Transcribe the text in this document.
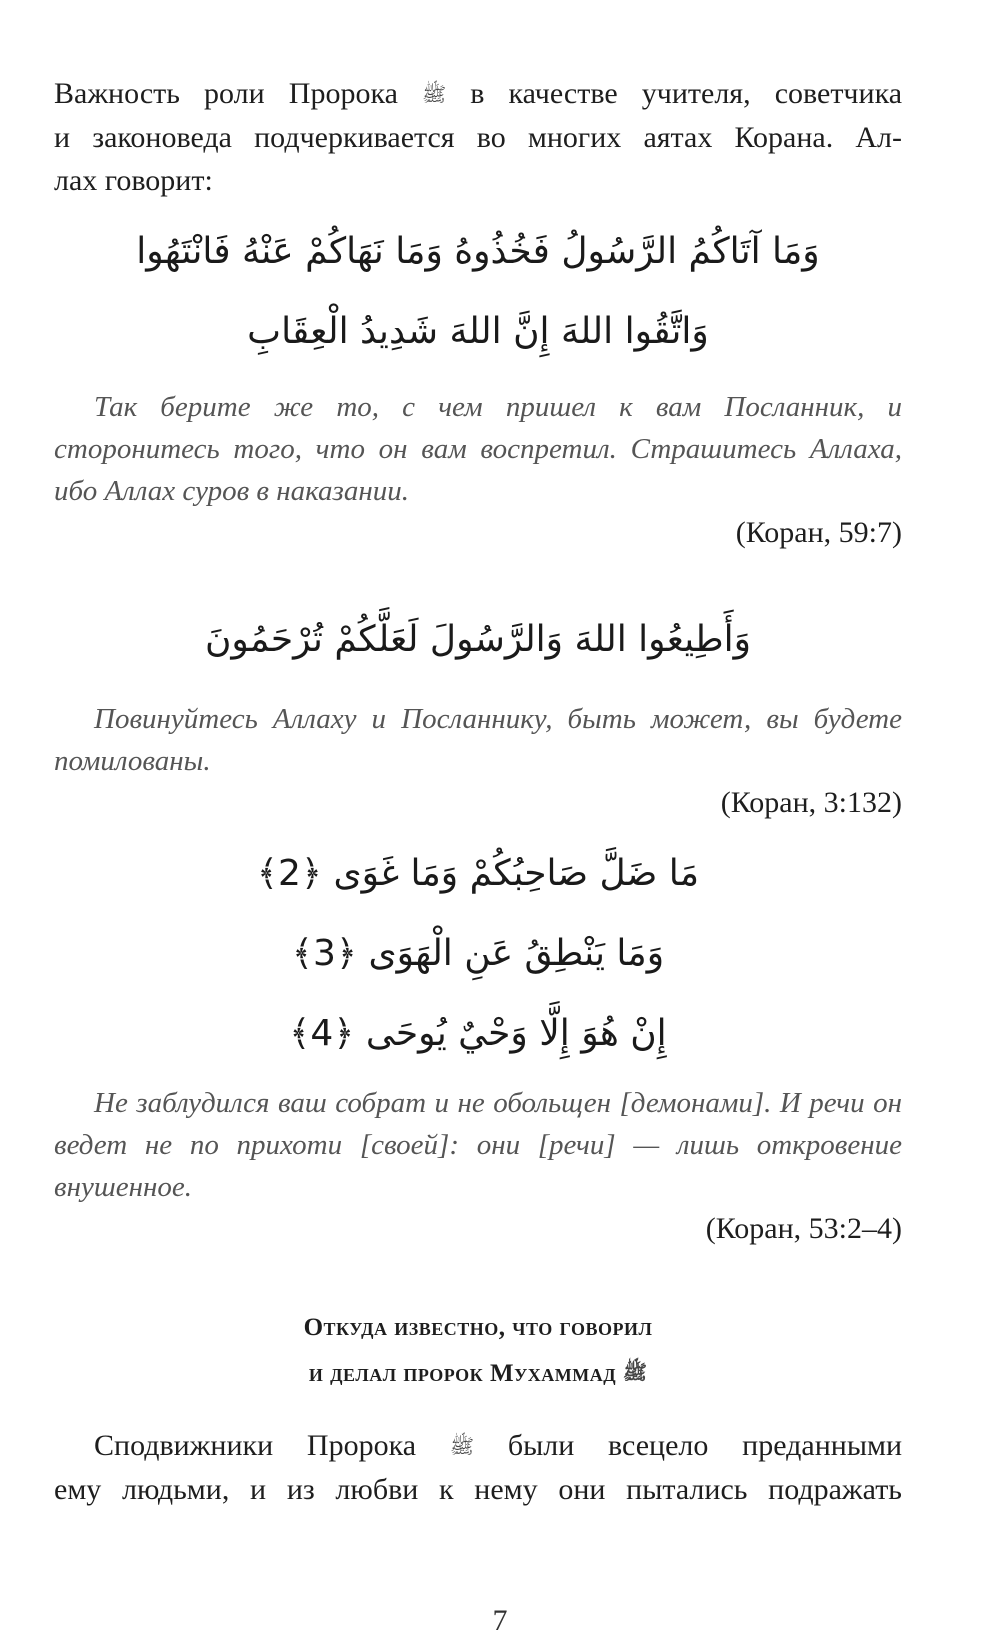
Важность роли Пророка ﷺ в качестве учителя, советчика

и законоведа подчеркивается во многих аятах Корана. Ал-

лах говорит:

وَمَا آتَاكُمُ الرَّسُولُ فَخُذُوهُ وَمَا نَهَاكُمْ عَنْهُ فَانْتَهُوا

وَاتَّقُوا اللهَ إِنَّ اللهَ شَدِيدُ الْعِقَابِ

Так берите же то, с чем пришел к вам Посланник, и сторонитесь того, что он вам воспретил. Страшитесь Аллаха, ибо Аллах суров в наказании.

(Коран, 59:7)

وَأَطِيعُوا اللهَ وَالرَّسُولَ لَعَلَّكُمْ تُرْحَمُونَ

Повинуйтесь Аллаху и Посланнику, быть может, вы будете помилованы.

(Коран, 3:132)

مَا ضَلَّ صَاحِبُكُمْ وَمَا غَوَى ﴿2﴾

وَمَا يَنْطِقُ عَنِ الْهَوَى ﴿3﴾

إِنْ هُوَ إِلَّا وَحْيٌ يُوحَى ﴿4﴾

Не заблудился ваш собрат и не обольщен [демонами]. И речи он ведет не по прихоти [своей]: они [речи] — лишь откровение внушенное.

(Коран, 53:2–4)

Откуда известно, что говорил
и делал пророк Мухаммад ﷺ

Сподвижники Пророка ﷺ были всецело преданными

ему людьми, и из любви к нему они пытались подражать

7
